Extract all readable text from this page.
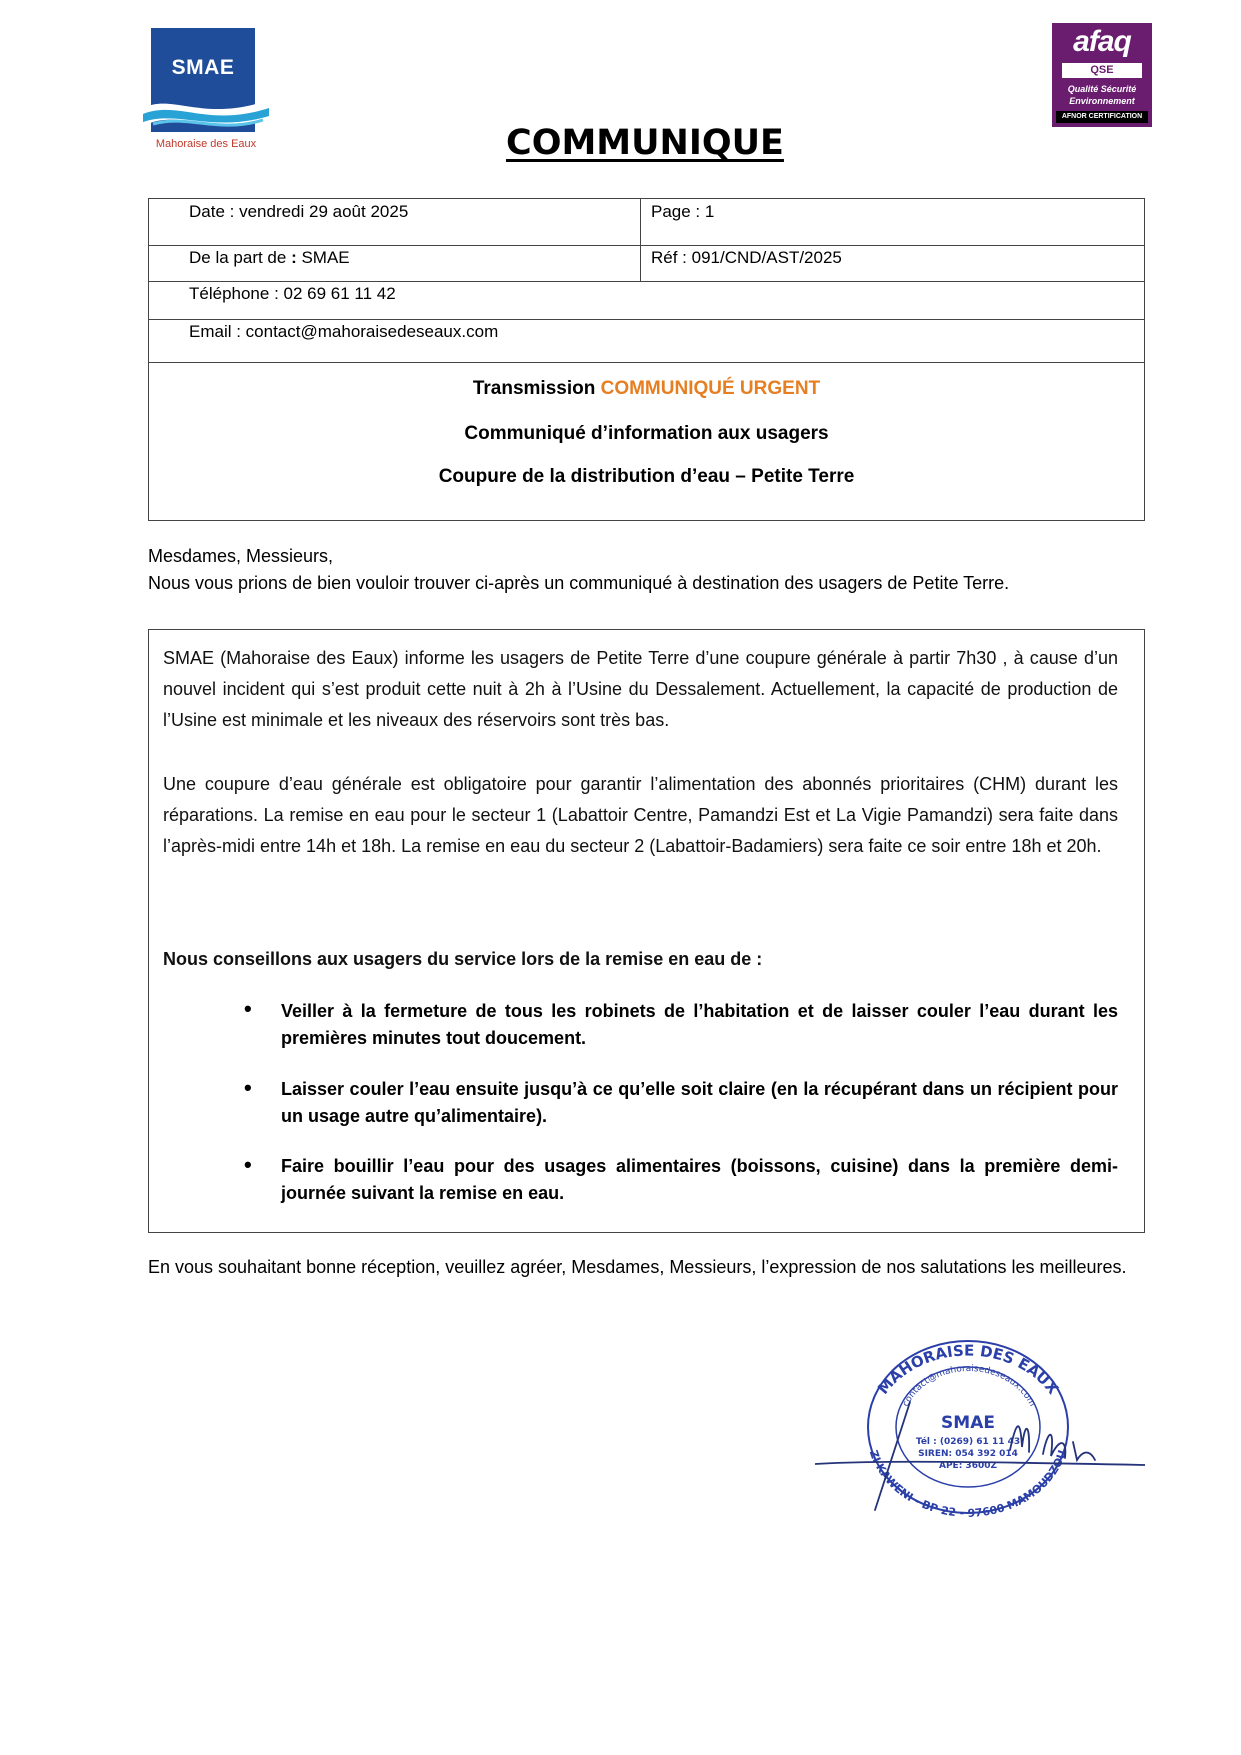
SMAE
Mahoraise des Eaux
afaq
QSE
Qualité Sécurité
Environnement
AFNOR CERTIFICATION
COMMUNIQUE
Date : vendredi 29 août 2025	Page : 1
De la part de : SMAE	Réf : 091/CND/AST/2025
Téléphone : 02 69 61 11 42
Email : contact@mahoraisedeseaux.com
Transmission COMMUNIQUÉ URGENT
Communiqué d’information aux usagers
Coupure de la distribution d’eau – Petite Terre
Mesdames, Messieurs,
Nous vous prions de bien vouloir trouver ci-après un communiqué à destination des usagers de Petite Terre.
SMAE (Mahoraise des Eaux) informe les usagers de Petite Terre d’une coupure générale à partir 7h30 , à cause d’un nouvel incident qui s’est produit cette nuit à 2h à l’Usine du Dessalement. Actuellement, la capacité de production de l’Usine est minimale et les niveaux des réservoirs sont très bas.
Une coupure d’eau générale est obligatoire pour garantir l’alimentation des abonnés prioritaires (CHM) durant les réparations. La remise en eau pour le secteur 1 (Labattoir Centre, Pamandzi Est et La Vigie Pamandzi) sera faite dans l’après-midi entre 14h et 18h. La remise en eau du secteur 2 (Labattoir-Badamiers) sera faite ce soir entre 18h et 20h.
Nous conseillons aux usagers du service lors de la remise en eau de :
• Veiller à la fermeture de tous les robinets de l’habitation et de laisser couler l’eau durant les premières minutes tout doucement.
• Laisser couler l’eau ensuite jusqu’à ce qu’elle soit claire (en la récupérant dans un récipient pour un usage autre qu’alimentaire).
• Faire bouillir l’eau pour des usages alimentaires (boissons, cuisine) dans la première demi- journée suivant la remise en eau.
En vous souhaitant bonne réception, veuillez agréer, Mesdames, Messieurs, l’expression de nos salutations les meilleures.
MAHORAISE DES EAUX
ZI KAWENI - BP 22 - 97600 MAMOUDZOU
contact@mahoraisedeseaux.com
SMAE
Tél : (0269) 61 11 43
SIREN: 054 392 014
APE: 3600Z
